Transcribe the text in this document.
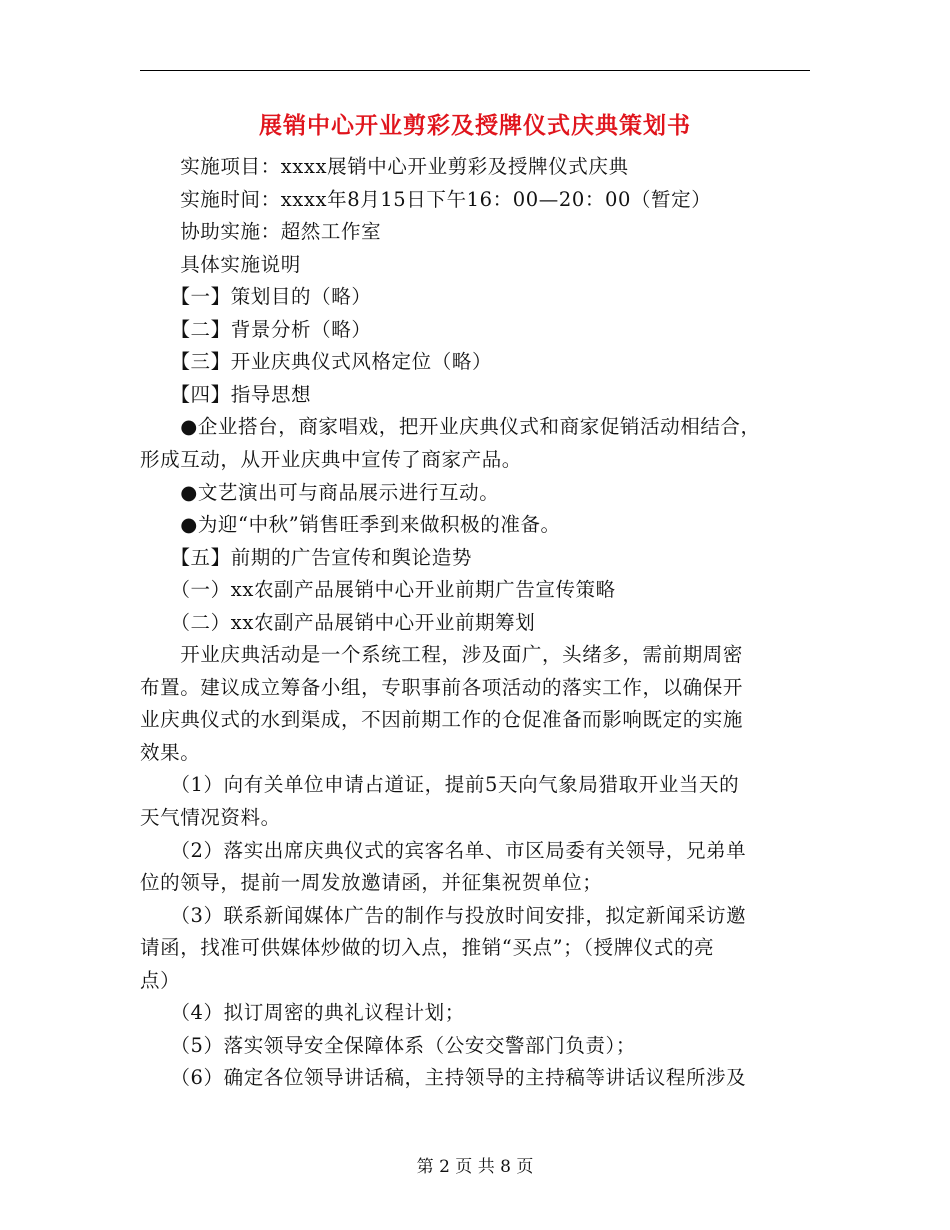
展销中心开业剪彩及授牌仪式庆典策划书
　　实施项目：xxxx展销中心开业剪彩及授牌仪式庆典
　　实施时间：xxxx年8月15日下午16：00—20：00（暂定）
　　协助实施：超然工作室
　　具体实施说明
　　【一】策划目的（略）
　　【二】背景分析（略）
　　【三】开业庆典仪式风格定位（略）
　　【四】指导思想
　　●企业搭台，商家唱戏，把开业庆典仪式和商家促销活动相结合，
形成互动，从开业庆典中宣传了商家产品。
　　●文艺演出可与商品展示进行互动。
　　●为迎“中秋”销售旺季到来做积极的准备。
　　【五】前期的广告宣传和舆论造势
　　（一）xx农副产品展销中心开业前期广告宣传策略
　　（二）xx农副产品展销中心开业前期筹划
　　开业庆典活动是一个系统工程，涉及面广，头绪多，需前期周密
布置。建议成立筹备小组，专职事前各项活动的落实工作，以确保开
业庆典仪式的水到渠成，不因前期工作的仓促准备而影响既定的实施
效果。
　　（1）向有关单位申请占道证，提前5天向气象局猎取开业当天的
天气情况资料。
　　（2）落实出席庆典仪式的宾客名单、市区局委有关领导，兄弟单
位的领导，提前一周发放邀请函，并征集祝贺单位；
　　（3）联系新闻媒体广告的制作与投放时间安排，拟定新闻采访邀
请函，找准可供媒体炒做的切入点，推销“买点”；（授牌仪式的亮
点）
　　（4）拟订周密的典礼议程计划；
　　（5）落实领导安全保障体系（公安交警部门负责）；
　　（6）确定各位领导讲话稿，主持领导的主持稿等讲话议程所涉及
第 2 页 共 8 页
